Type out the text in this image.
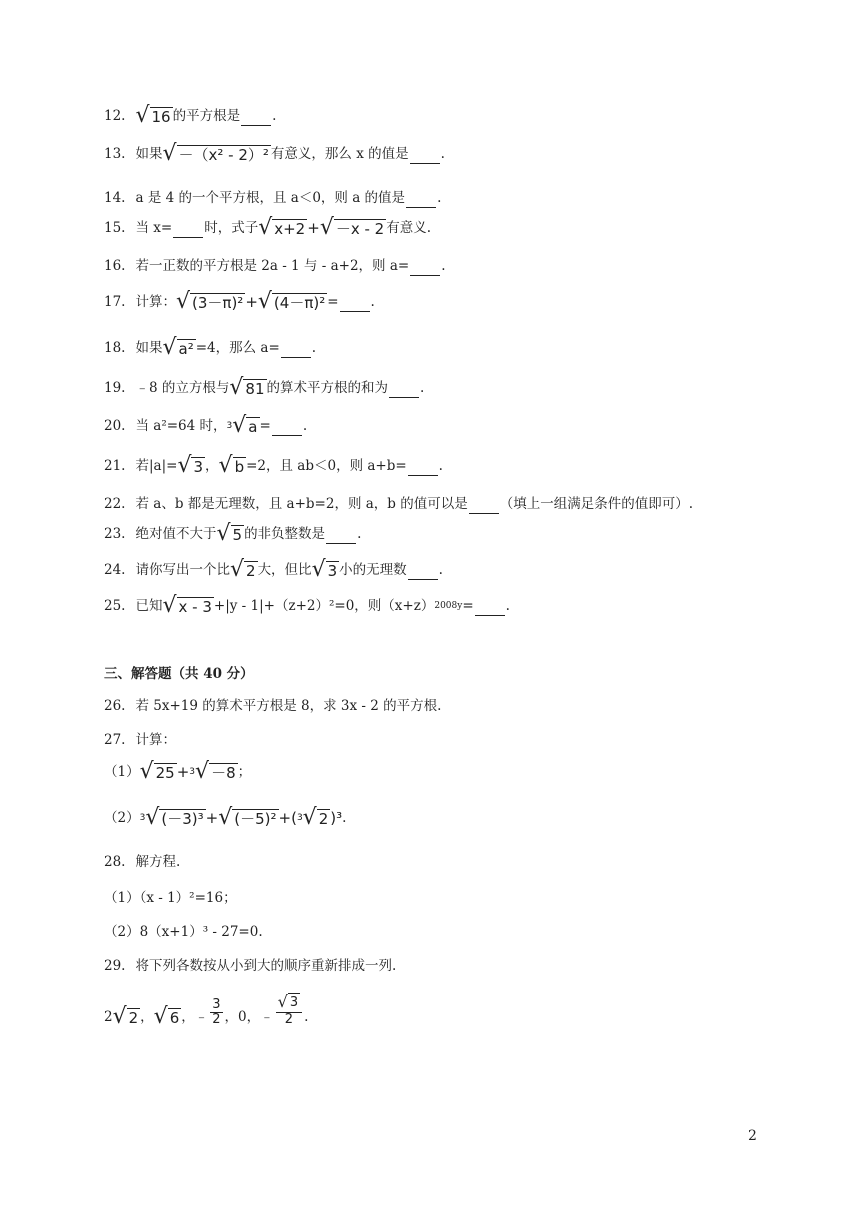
12. √ 16 的平方根是 .
13. 如果 √ －（x² - 2）² 有意义，那么 x 的值是 .
14. a 是 4 的一个平方根，且 a＜0，则 a 的值是 .
15. 当 x= 时，式子 √ x+2 + √ －x - 2 有意义.
16. 若一正数的平方根是 2a - 1 与 - a+2，则 a= .
17. 计算： √ (3－π)² + √ (4－π)² = .
18. 如果 √ a² =4，那么 a= .
19. ﹣8 的立方根与 √ 81 的算术平方根的和为 .
20. 当 a²=64 时， 3 √ a = .
21. 若|a|= √ 3 ， √ b =2，且 ab＜0，则 a+b= .
22. 若 a、b 都是无理数，且 a+b=2，则 a，b 的值可以是 （填上一组满足条件的值即可）.
23. 绝对值不大于 √ 5 的非负整数是 .
24. 请你写出一个比 √ 2 大，但比 √ 3 小的无理数 .
25. 已知 √ x - 3 +|y - 1|+（z+2）²=0，则（x+z） 2008y = .
三、解答题（共 40 分）
26. 若 5x+19 的算术平方根是 8，求 3x - 2 的平方根.
27. 计算：
（1） √ 25 + 3 √ －8 ；
（2） 3 √ (－3)³ + √ (－5)² + ( 3 √ 2 )³ .
28. 解方程.
（1）（x - 1）²=16；
（2）8（x+1）³ - 27=0.
29. 将下列各数按从小到大的顺序重新排成一列.
2 √ 2 ， √ 6 ， ﹣ $\frac{3}{2}$ ， 0 ， ﹣ $\frac{√ 3}{2}$ .
2
